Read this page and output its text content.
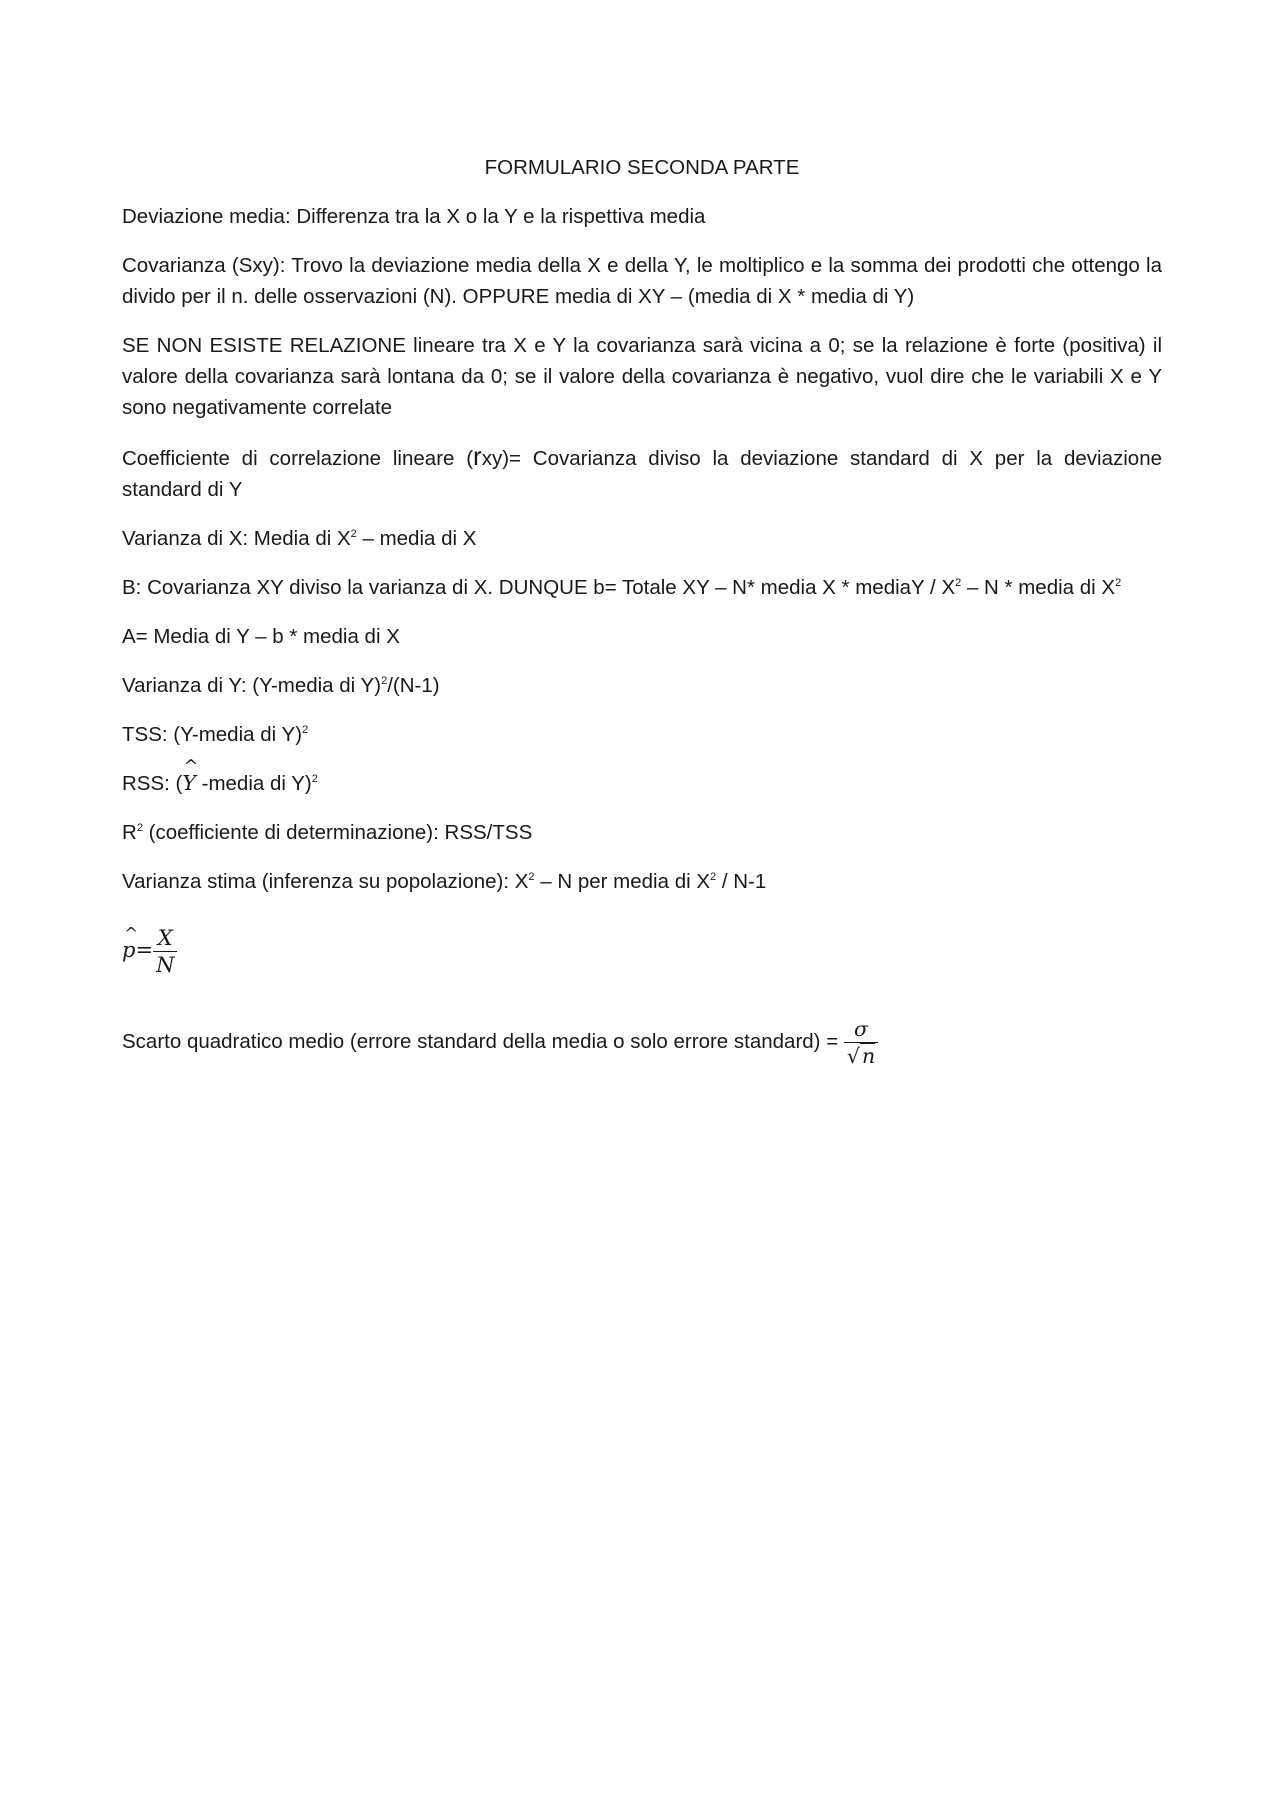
FORMULARIO SECONDA PARTE

Deviazione media: Differenza tra la X o la Y e la rispettiva media

Covarianza (Sxy): Trovo la deviazione media della X e della Y, le moltiplico e la somma dei prodotti che ottengo la divido per il n. delle osservazioni (N). OPPURE media di XY – (media di X * media di Y)

SE NON ESISTE RELAZIONE lineare tra X e Y la covarianza sarà vicina a 0; se la relazione è forte (positiva) il valore della covarianza sarà lontana da 0; se il valore della covarianza è negativo, vuol dire che le variabili X e Y sono negativamente correlate

Coefficiente di correlazione lineare (rxy)= Covarianza diviso la deviazione standard di X per la deviazione standard di Y

Varianza di X: Media di $X^2$ – media di X

B: Covarianza XY diviso la varianza di X. DUNQUE b= Totale XY – N* media X * mediaY / $X^2$ – N * media di $X^2$

A= Media di Y – b * media di X

Varianza di Y: (Y-media di Y)$^2$/(N-1)

TSS: (Y-media di Y)$^2$

RSS: (
^
Y -media di Y)$^2$

$R^2$ (coefficiente di determinazione): RSS/TSS

Varianza stima (inferenza su popolazione): $X^2$ – N per media di $X^2 / N-1$

^
$p= \frac{X}{N}$

Scarto quadratico medio (errore standard della media o solo errore standard) = $\frac{\sigma}{√n}$
